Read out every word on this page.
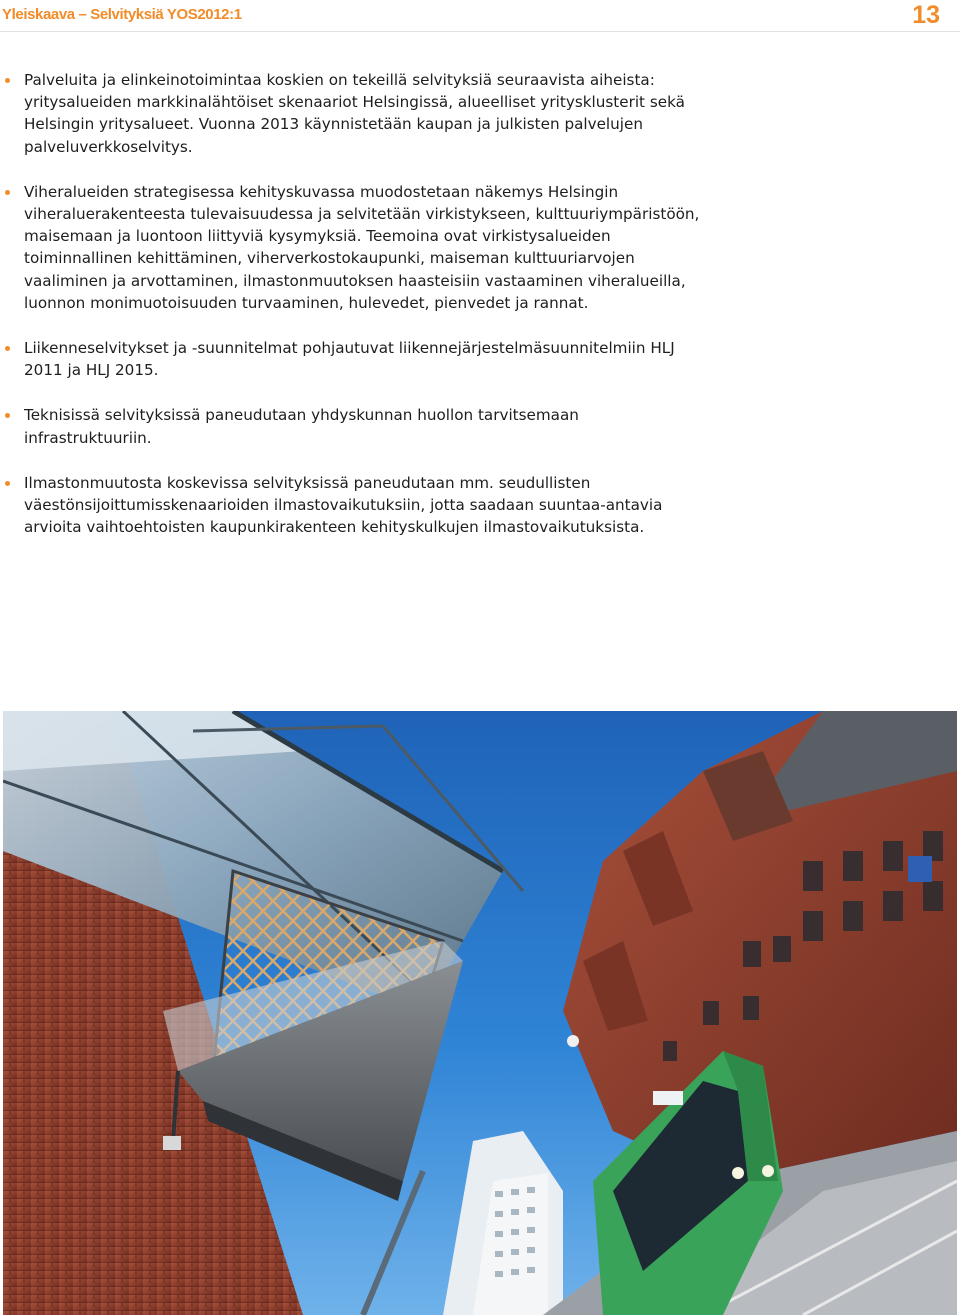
Yleiskaava – Selvityksiä YOS2012:1	13
Palveluita ja elinkeinotoimintaa koskien on tekeillä selvityksiä seuraavista aiheista: yritysalueiden markkinalähtöiset skenaariot Helsingissä, alueelliset yritysklusterit sekä Helsingin yritysalueet. Vuonna 2013 käynnistetään kaupan ja julkisten palvelujen palveluverkkoselvitys.
Viheralueiden strategisessa kehityskuvassa muodostetaan näkemys Helsingin viheraluerakenteesta tulevaisuudessa ja selvitetään virkistykseen, kulttuuriympäristöön, maisemaan ja luontoon liittyviä kysymyksiä. Teemoina ovat virkistysalueiden toiminnallinen kehittäminen, viherverkostokaupunki, maiseman kulttuuriarvojen vaaliminen ja arvottaminen, ilmastonmuutoksen haasteisiin vastaaminen viheralueilla, luonnon monimuotoisuuden turvaaminen, hulevedet, pienvedet ja rannat.
Liikenneselvitykset ja -suunnitelmat pohjautuvat liikennejärjestelmäsuunnitelmiin HLJ 2011 ja HLJ 2015.
Teknisissä selvityksissä paneudutaan yhdyskunnan huollon tarvitsemaan infrastruktuuriin.
Ilmastonmuutosta koskevissa selvityksissä paneudutaan mm. seudullisten väestönsijoittumisskenaarioiden ilmastovaikutuksiin, jotta saadaan suuntaa-antavia arvioita vaihtoehtoisten kaupunkirakenteen kehityskulkujen ilmastovaikutuksista.
